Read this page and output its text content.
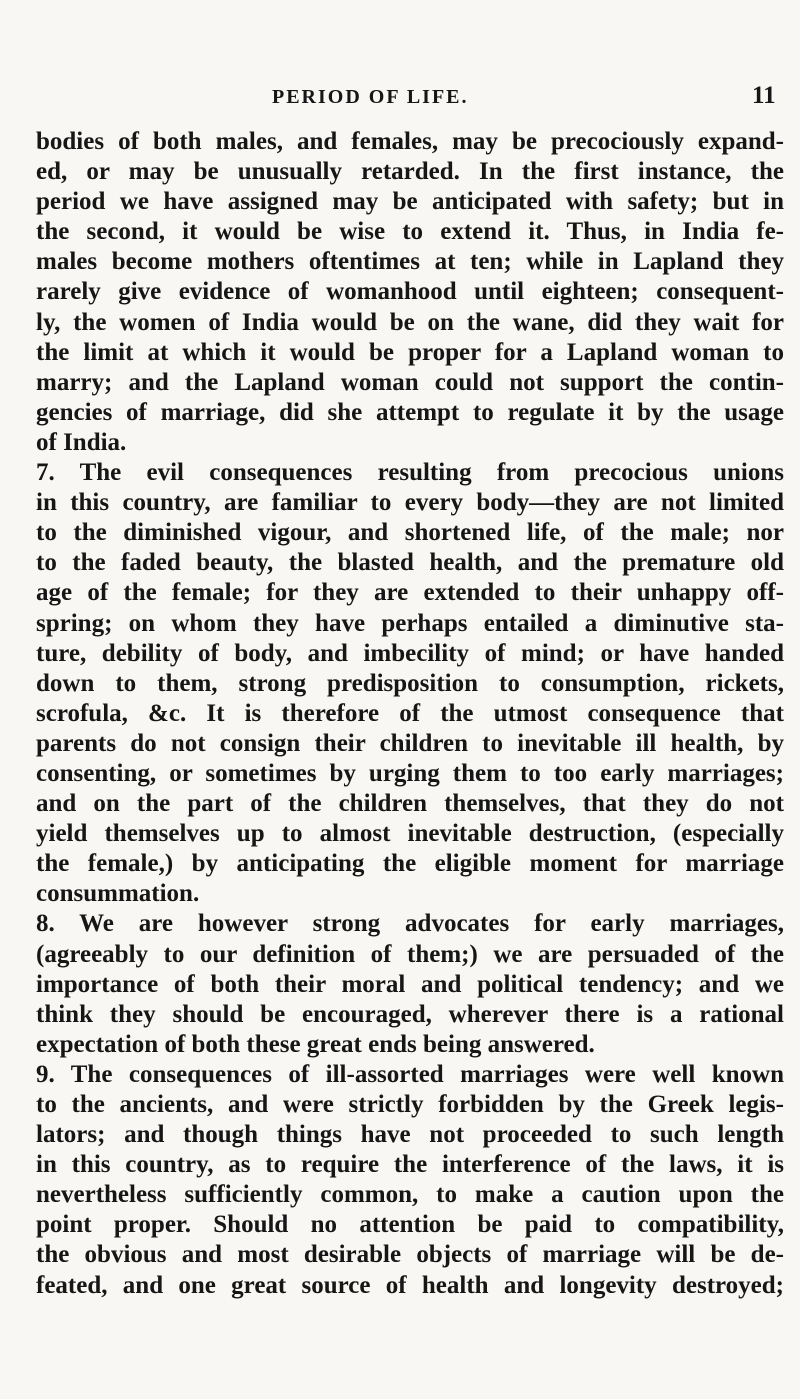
PERIOD OF LIFE.	11
bodies of both males, and females, may be precociously expand-
ed, or may be unusually retarded. In the first instance, the
period we have assigned may be anticipated with safety; but in
the second, it would be wise to extend it. Thus, in India fe-
males become mothers oftentimes at ten; while in Lapland they
rarely give evidence of womanhood until eighteen; consequent-
ly, the women of India would be on the wane, did they wait for
the limit at which it would be proper for a Lapland woman to
marry; and the Lapland woman could not support the contin-
gencies of marriage, did she attempt to regulate it by the usage
of India.
7. The evil consequences resulting from precocious unions
in this country, are familiar to every body—they are not limited
to the diminished vigour, and shortened life, of the male; nor
to the faded beauty, the blasted health, and the premature old
age of the female; for they are extended to their unhappy off-
spring; on whom they have perhaps entailed a diminutive sta-
ture, debility of body, and imbecility of mind; or have handed
down to them, strong predisposition to consumption, rickets,
scrofula, &c. It is therefore of the utmost consequence that
parents do not consign their children to inevitable ill health, by
consenting, or sometimes by urging them to too early marriages;
and on the part of the children themselves, that they do not
yield themselves up to almost inevitable destruction, (especially
the female,) by anticipating the eligible moment for marriage
consummation.
8. We are however strong advocates for early marriages,
(agreeably to our definition of them;) we are persuaded of the
importance of both their moral and political tendency; and we
think they should be encouraged, wherever there is a rational
expectation of both these great ends being answered.
9. The consequences of ill-assorted marriages were well known
to the ancients, and were strictly forbidden by the Greek legis-
lators; and though things have not proceeded to such length
in this country, as to require the interference of the laws, it is
nevertheless sufficiently common, to make a caution upon the
point proper. Should no attention be paid to compatibility,
the obvious and most desirable objects of marriage will be de-
feated, and one great source of health and longevity destroyed;
